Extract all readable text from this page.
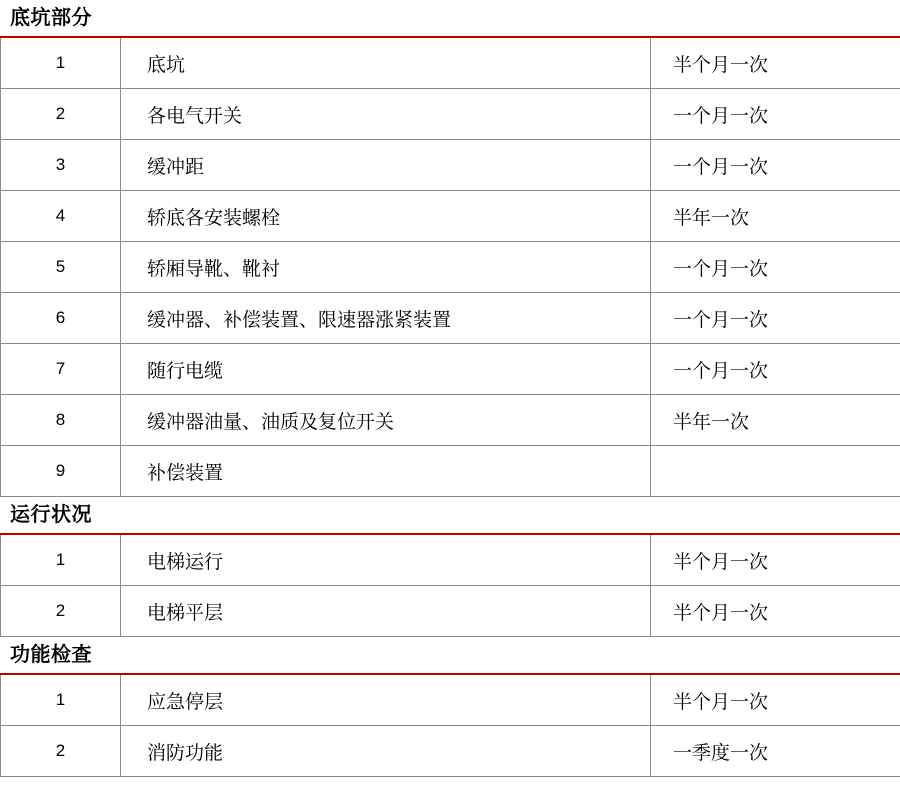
底坑部分
1	底坑	半个月一次
2	各电气开关	一个月一次
3	缓冲距	一个月一次
4	轿底各安装螺栓	半年一次
5	轿厢导靴、靴衬	一个月一次
6	缓冲器、补偿装置、限速器涨紧装置	一个月一次
7	随行电缆	一个月一次
8	缓冲器油量、油质及复位开关	半年一次
9	补偿装置	
运行状况
1	电梯运行	半个月一次
2	电梯平层	半个月一次
功能检查
1	应急停层	半个月一次
2	消防功能	一季度一次
